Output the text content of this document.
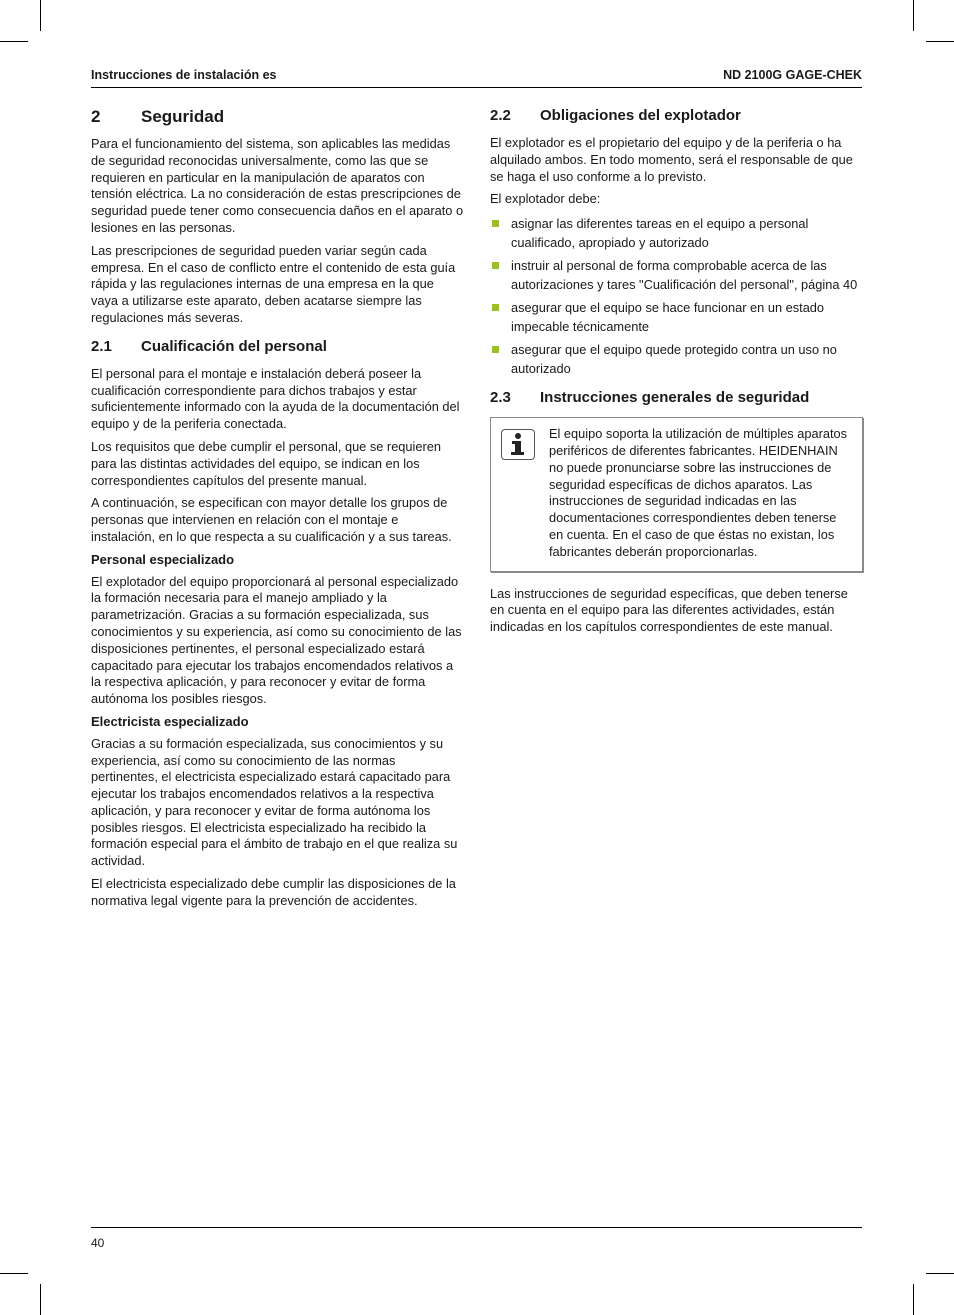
Instrucciones de instalación es	ND 2100G GAGE-CHEK
2	Seguridad

Para el funcionamiento del sistema, son aplicables las medidas de seguridad reconocidas universalmente, como las que se requieren en particular en la manipulación de aparatos con tensión eléctrica. La no consideración de estas prescripciones de seguridad puede tener como consecuencia daños en el aparato o lesiones en las personas.

Las prescripciones de seguridad pueden variar según cada empresa. En el caso de conflicto entre el contenido de esta guía rápida y las regulaciones internas de una empresa en la que vaya a utilizarse este aparato, deben acatarse siempre las regulaciones más severas.

2.1	Cualificación del personal

El personal para el montaje e instalación deberá poseer la cualificación correspondiente para dichos trabajos y estar suficientemente informado con la ayuda de la documentación del equipo y de la periferia conectada.

Los requisitos que debe cumplir el personal, que se requieren para las distintas actividades del equipo, se indican en los correspondientes capítulos del presente manual.

A continuación, se especifican con mayor detalle los grupos de personas que intervienen en relación con el montaje e instalación, en lo que respecta a su cualificación y a sus tareas.

Personal especializado

El explotador del equipo proporcionará al personal especializado la formación necesaria para el manejo ampliado y la parametrización. Gracias a su formación especializada, sus conocimientos y su experiencia, así como su conocimiento de las disposiciones pertinentes, el personal especializado estará capacitado para ejecutar los trabajos encomendados relativos a la respectiva aplicación, y para reconocer y evitar de forma autónoma los posibles riesgos.

Electricista especializado

Gracias a su formación especializada, sus conocimientos y su experiencia, así como su conocimiento de las normas pertinentes, el electricista especializado estará capacitado para ejecutar los trabajos encomendados relativos a la respectiva aplicación, y para reconocer y evitar de forma autónoma los posibles riesgos. El electricista especializado ha recibido la formación especial para el ámbito de trabajo en el que realiza su actividad.

El electricista especializado debe cumplir las disposiciones de la normativa legal vigente para la prevención de accidentes.

2.2	Obligaciones del explotador

El explotador es el propietario del equipo y de la periferia o ha alquilado ambos. En todo momento, será el responsable de que se haga el uso conforme a lo previsto.

El explotador debe:

asignar las diferentes tareas en el equipo a personal cualificado, apropiado y autorizado
instruir al personal de forma comprobable acerca de las autorizaciones y tares "Cualificación del personal", página 40
asegurar que el equipo se hace funcionar en un estado impecable técnicamente
asegurar que el equipo quede protegido contra un uso no autorizado
2.3	Instrucciones generales de seguridad
El equipo soporta la utilización de múltiples aparatos periféricos de diferentes fabricantes. HEIDENHAIN no puede pronunciarse sobre las instrucciones de seguridad específicas de dichos aparatos. Las instrucciones de seguridad indicadas en las documentaciones correspondientes deben tenerse en cuenta. En el caso de que éstas no existan, los fabricantes deberán proporcionarlas.

Las instrucciones de seguridad específicas, que deben tenerse en cuenta en el equipo para las diferentes actividades, están indicadas en los capítulos correspondientes de este manual.

40
